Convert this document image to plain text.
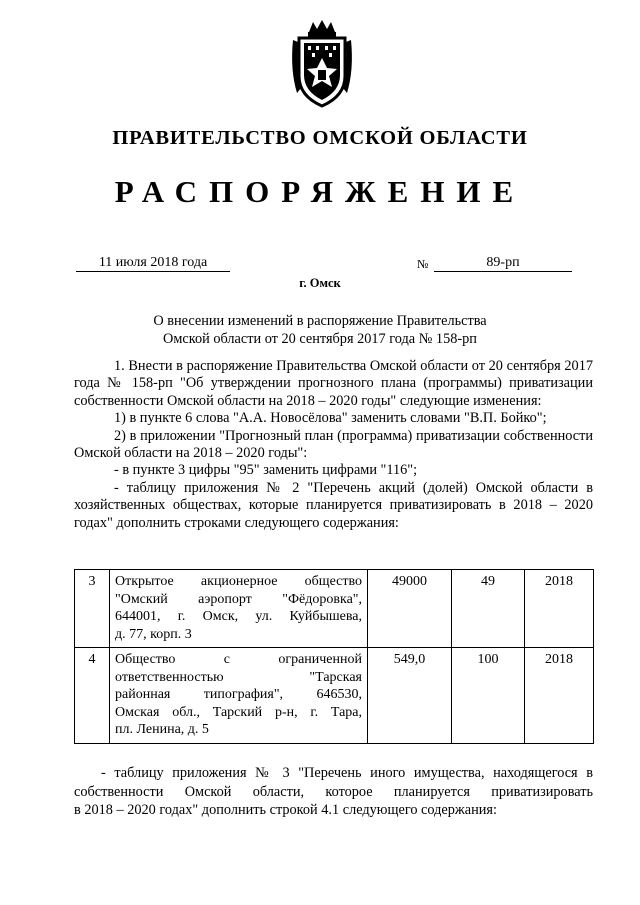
ПРАВИТЕЛЬСТВО ОМСКОЙ ОБЛАСТИ
РАСПОРЯЖЕНИЕ
11 июля 2018 года	№	89-рп
г. Омск
О внесении изменений в распоряжение Правительства
Омской области от 20 сентября 2017 года № 158-рп

1. Внести в распоряжение Правительства Омской области от 20 сентября 2017 года № 158-рп "Об утверждении прогнозного плана (программы) приватизации собственности Омской области на 2018 – 2020 годы" следующие изменения:

1) в пункте 6 слова "А.А. Новосёлова" заменить словами "В.П. Бойко";

2) в приложении "Прогнозный план (программа) приватизации собственности Омской области на 2018 – 2020 годы":

- в пункте 3 цифры "95" заменить цифрами "116";

- таблицу приложения № 2 "Перечень акций (долей) Омской области в хозяйственных обществах, которые планируется приватизировать в 2018 – 2020 годах" дополнить строками следующего содержания:

3	Открытое акционерное общество
"Омский аэропорт "Фёдоровка",
644001, г. Омск, ул. Куйбышева,
д. 77, корп. 3	49000	49	2018
4	Общество с ограниченной
ответственностью "Тарская
районная типография", 646530,
Омская обл., Тарский р-н, г. Тара,
пл. Ленина, д. 5	549,0	100	2018

- таблицу приложения № 3 "Перечень иного имущества, находящегося в
собственности Омской области, которое планируется приватизировать
в 2018 – 2020 годах" дополнить строкой 4.1 следующего содержания:
